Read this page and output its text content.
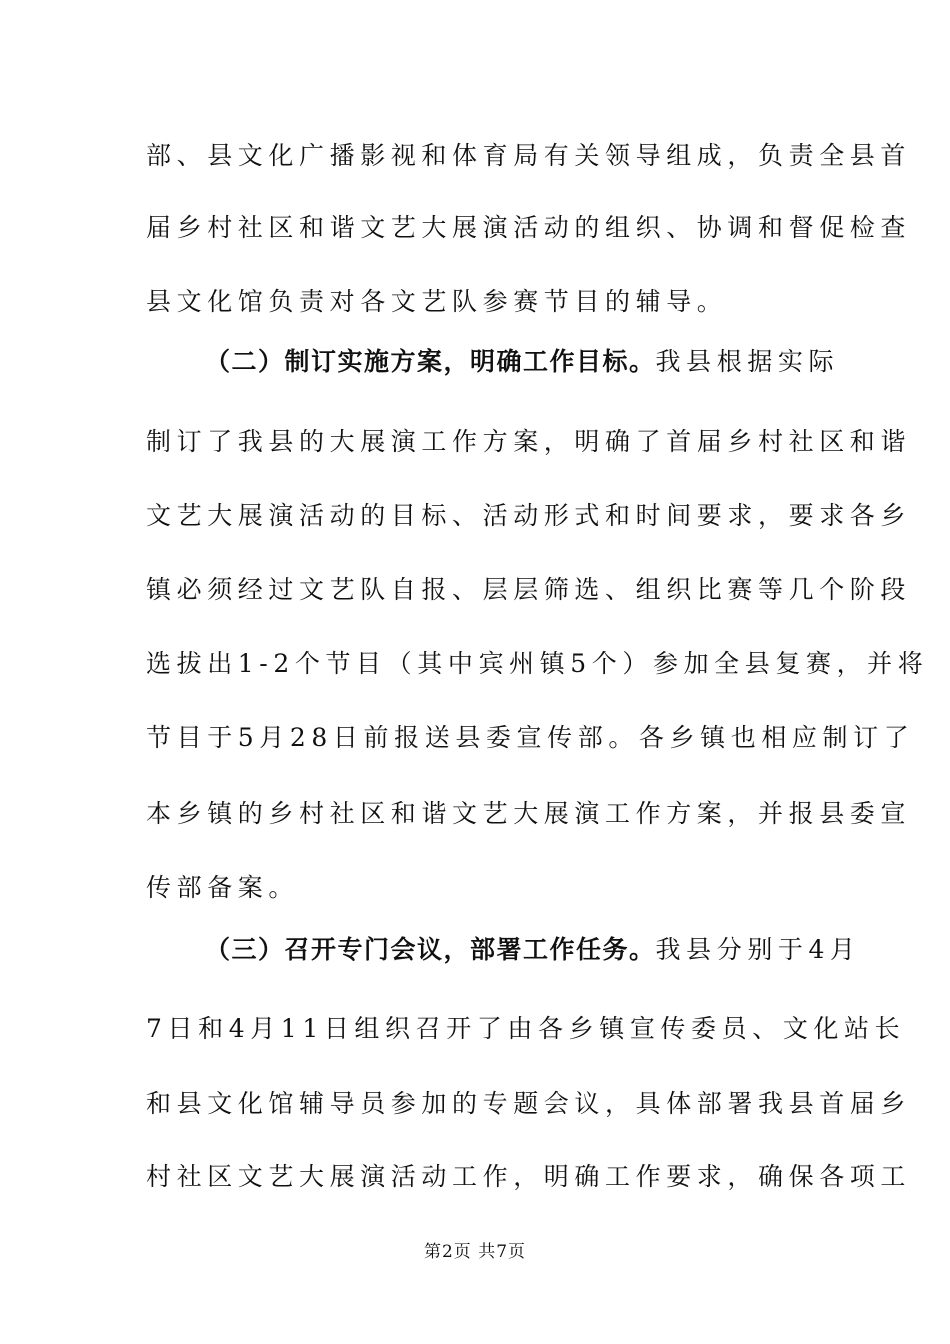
部、县文化广播影视和体育局有关领导组成，负责全县首
届乡村社区和谐文艺大展演活动的组织、协调和督促检查
县文化馆负责对各文艺队参赛节目的辅导。
（二）制订实施方案，明确工作目标。我县根据实际
制订了我县的大展演工作方案，明确了首届乡村社区和谐
文艺大展演活动的目标、活动形式和时间要求，要求各乡
镇必须经过文艺队自报、层层筛选、组织比赛等几个阶段
选拔出1-2个节目（其中宾州镇5个）参加全县复赛，并将
节目于5月28日前报送县委宣传部。各乡镇也相应制订了
本乡镇的乡村社区和谐文艺大展演工作方案，并报县委宣
传部备案。
（三）召开专门会议，部署工作任务。我县分别于4月
7日和4月11日组织召开了由各乡镇宣传委员、文化站长
和县文化馆辅导员参加的专题会议，具体部署我县首届乡
村社区文艺大展演活动工作，明确工作要求，确保各项工
第2页 共7页
